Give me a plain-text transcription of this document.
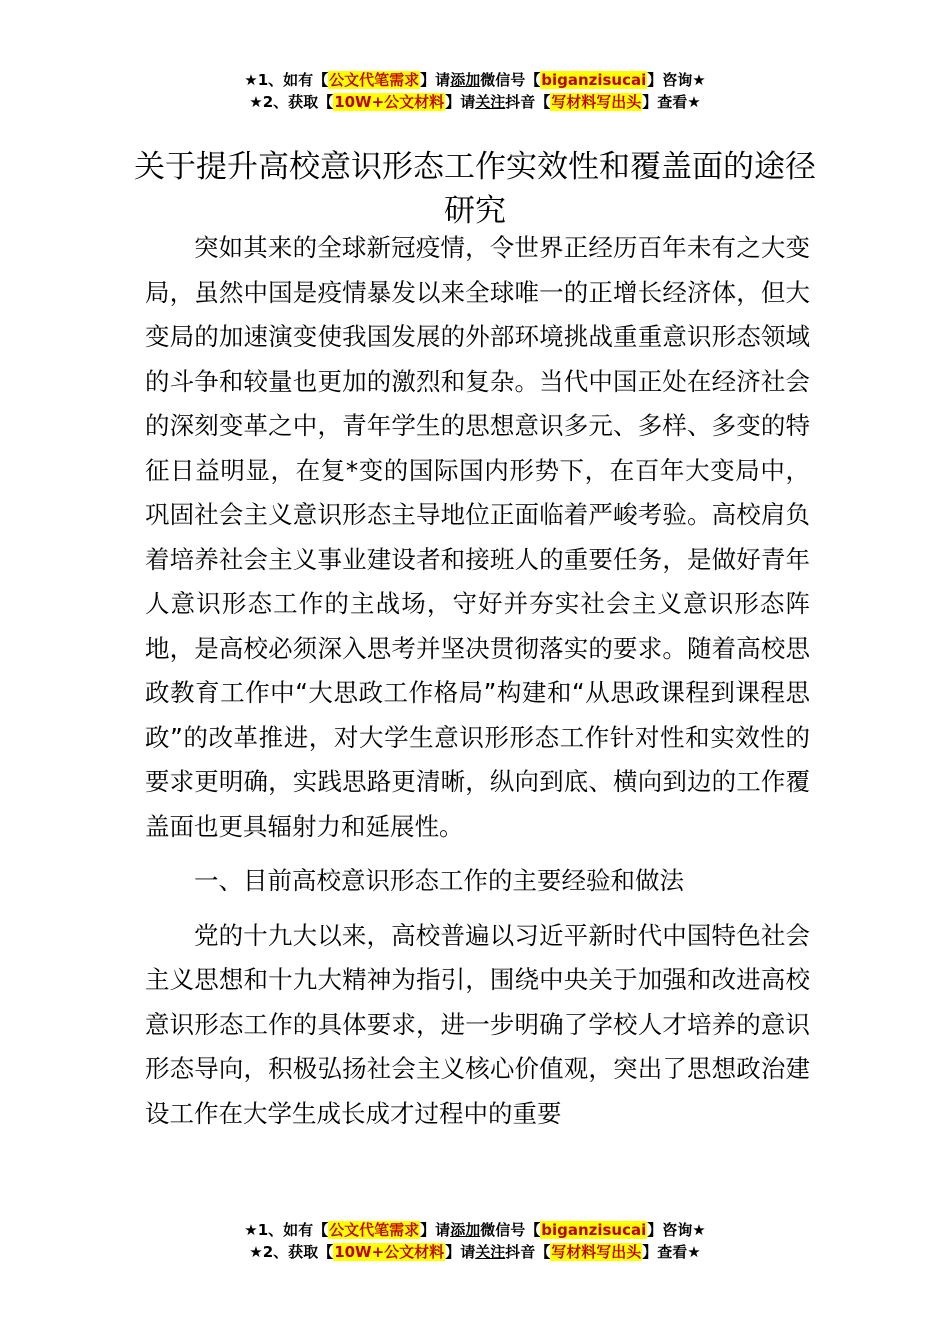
★1、如有【公文代笔需求】请添加微信号【biganzisucai】咨询★
★2、获取【10W+公文材料】请关注抖音【写材料写出头】查看★
关于提升高校意识形态工作实效性和覆盖面的途径研究

突如其来的全球新冠疫情，令世界正经历百年未有之大变局，虽然中国是疫情暴发以来全球唯一的正增长经济体，但大变局的加速演变使我国发展的外部环境挑战重重意识形态领域的斗争和较量也更加的激烈和复杂。当代中国正处在经济社会的深刻变革之中，青年学生的思想意识多元、多样、多变的特征日益明显，在复*变的国际国内形势下，在百年大变局中，巩固社会主义意识形态主导地位正面临着严峻考验。高校肩负着培养社会主义事业建设者和接班人的重要任务，是做好青年人意识形态工作的主战场，守好并夯实社会主义意识形态阵地，是高校必须深入思考并坚决贯彻落实的要求。随着高校思政教育工作中“大思政工作格局”构建和“从思政课程到课程思政”的改革推进，对大学生意识形形态工作针对性和实效性的要求更明确，实践思路更清晰，纵向到底、横向到边的工作覆盖面也更具辐射力和延展性。

一、目前高校意识形态工作的主要经验和做法

党的十九大以来，高校普遍以习近平新时代中国特色社会主义思想和十九大精神为指引，围绕中央关于加强和改进高校意识形态工作的具体要求，进一步明确了学校人才培养的意识形态导向，积极弘扬社会主义核心价值观，突出了思想政治建设工作在大学生成长成才过程中的重要

★1、如有【公文代笔需求】请添加微信号【biganzisucai】咨询★
★2、获取【10W+公文材料】请关注抖音【写材料写出头】查看★
